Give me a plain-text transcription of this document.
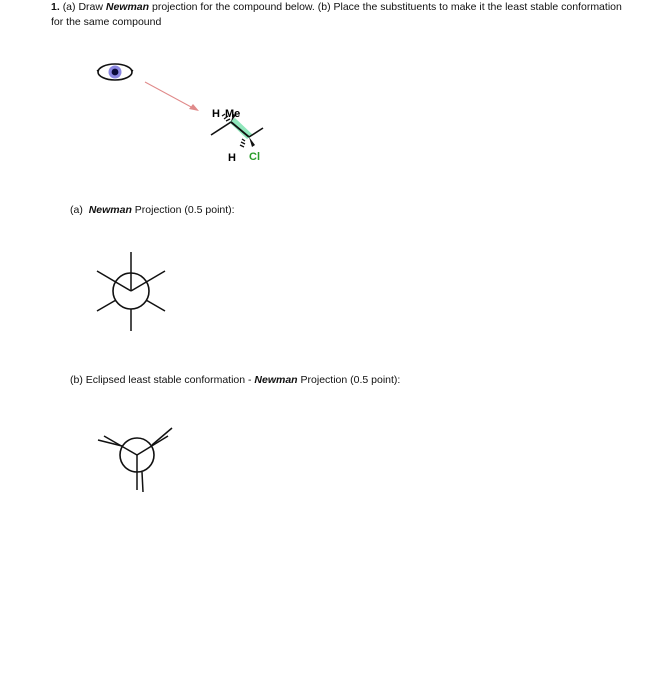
1. (a) Draw Newman projection for the compound below. (b) Place the substituents to make it the least stable conformation for the same compound
H Me
H Cl
(a) Newman Projection (0.5 point):
(b) Eclipsed least stable conformation - Newman Projection (0.5 point):
